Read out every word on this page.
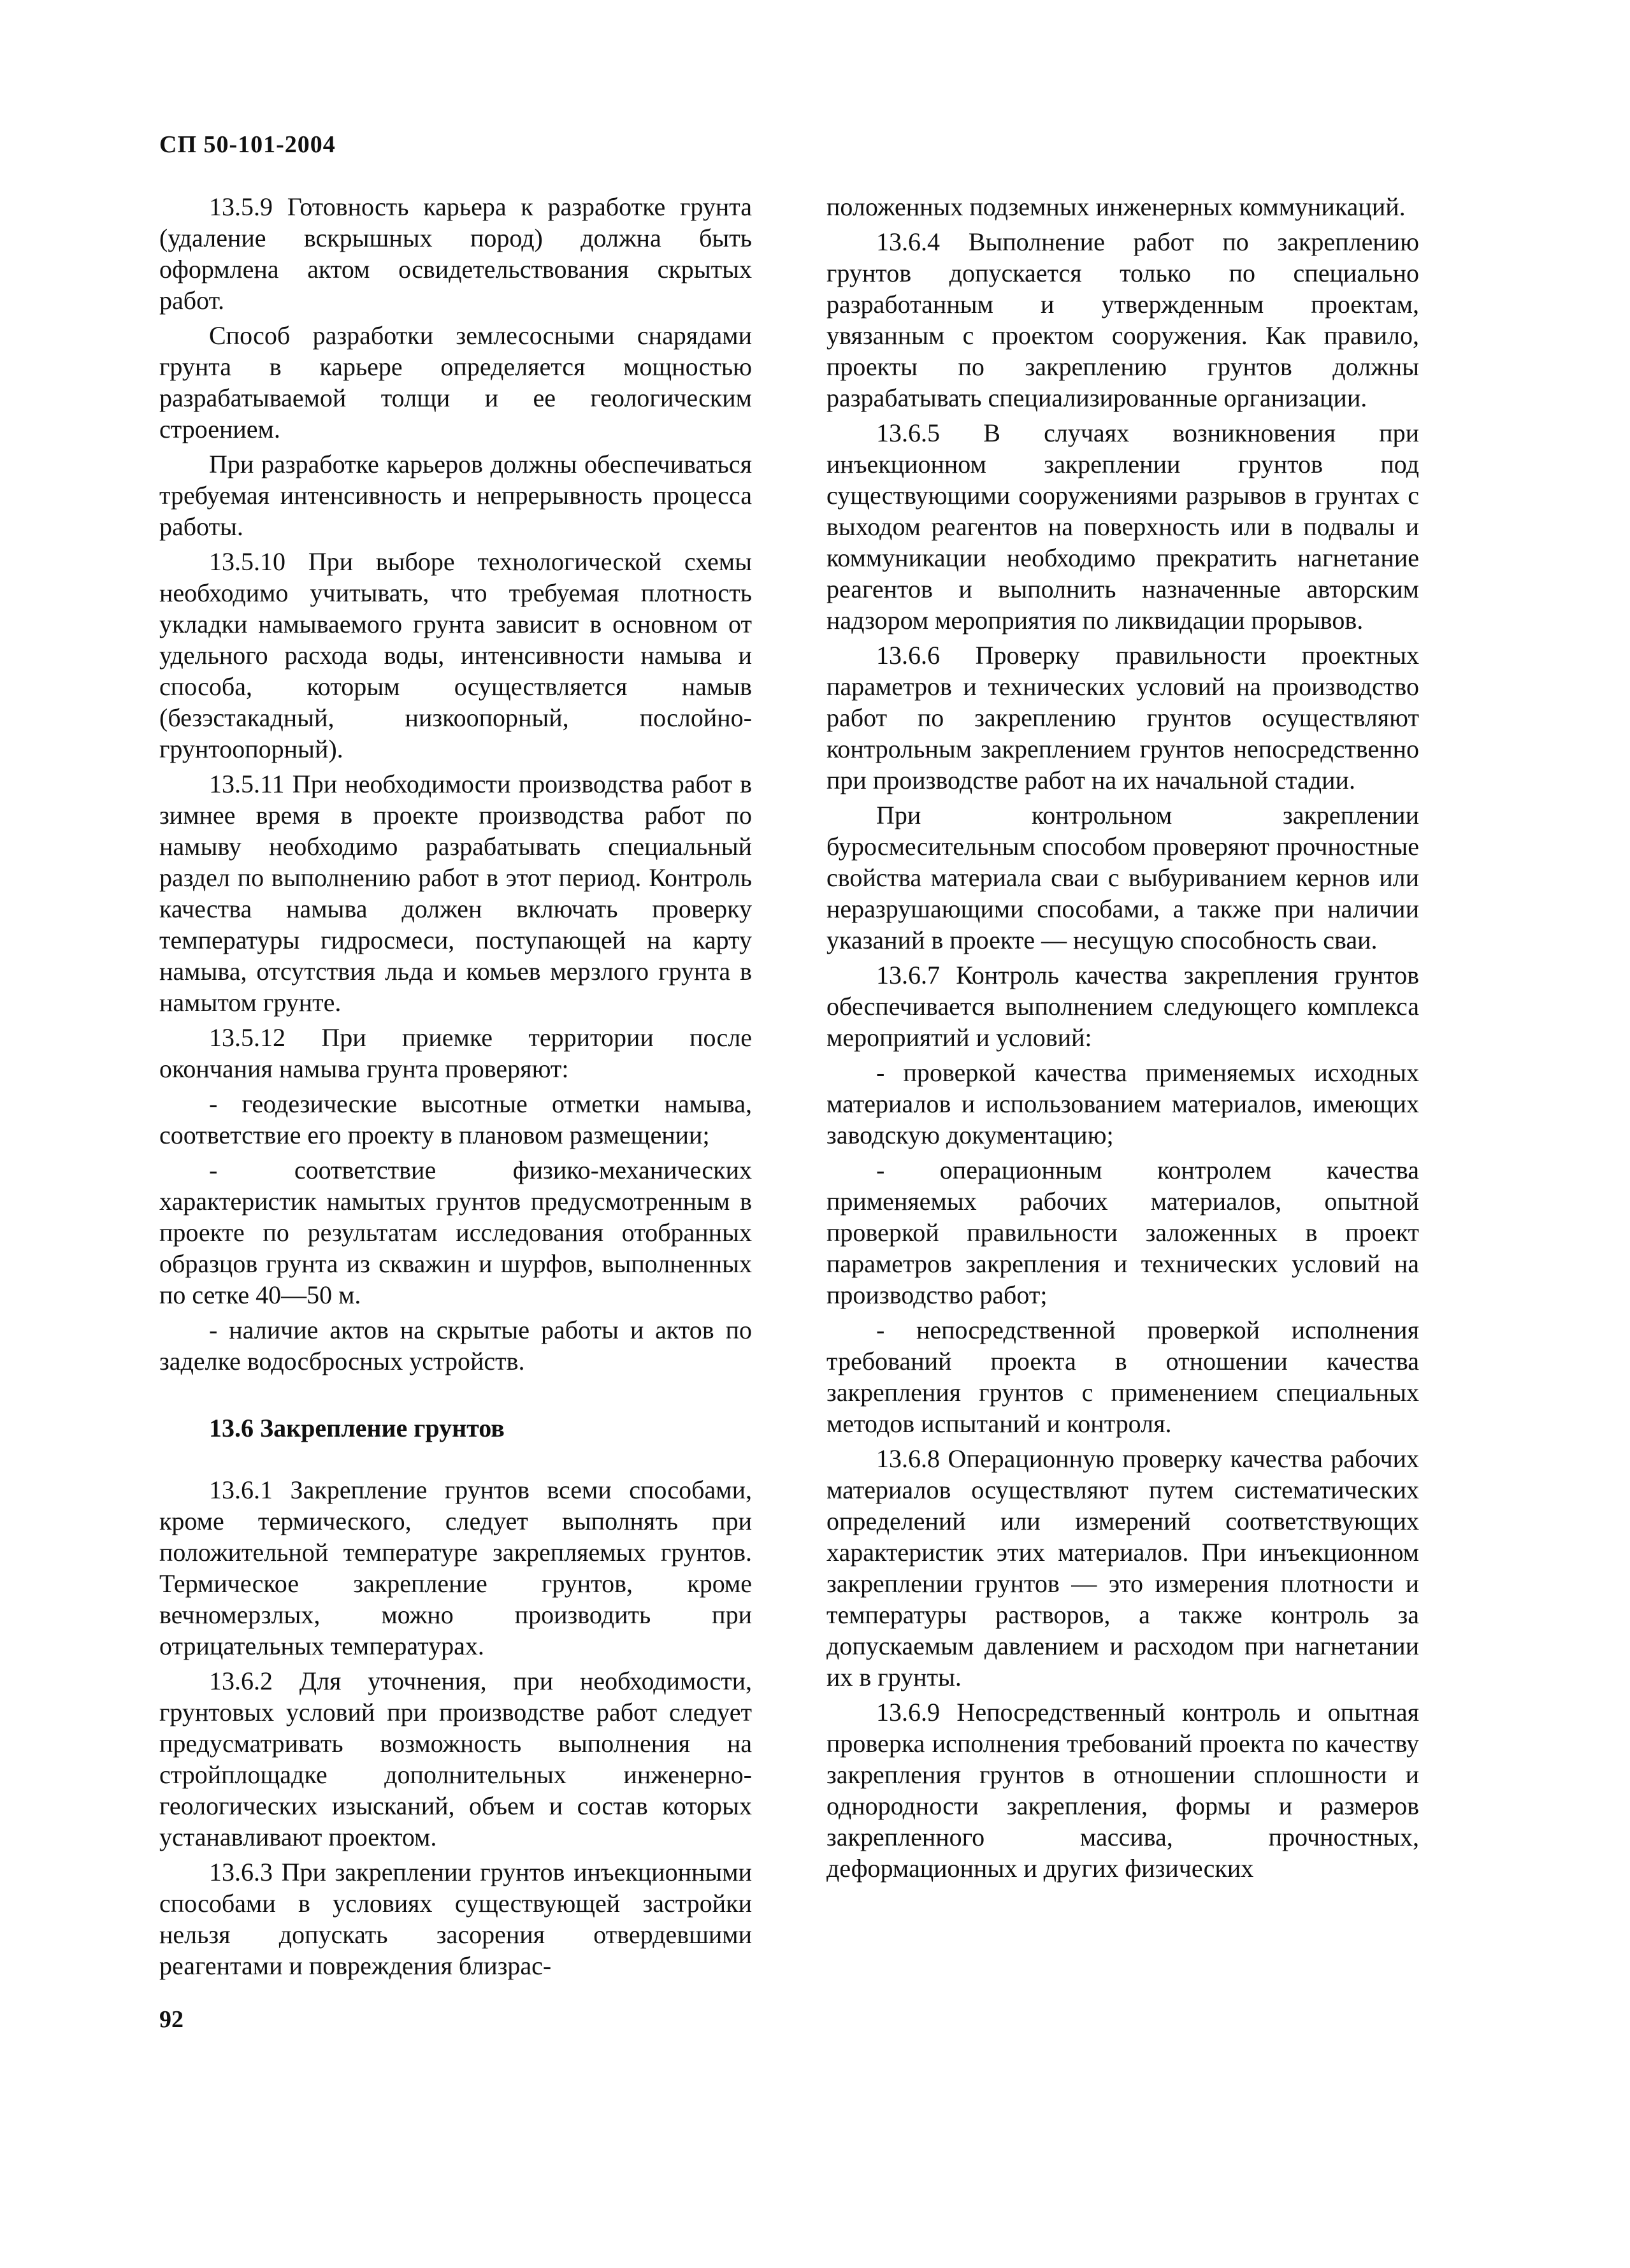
СП 50-101-2004

13.5.9 Готовность карьера к разработке грунта (удаление вскрышных пород) должна быть оформлена актом освидетельствования скрытых работ.

Способ разработки землесосными снарядами грунта в карьере определяется мощностью разрабатываемой толщи и ее геологическим строением.

При разработке карьеров должны обеспечиваться требуемая интенсивность и непрерывность процесса работы.

13.5.10 При выборе технологической схемы необходимо учитывать, что требуемая плотность укладки намываемого грунта зависит в основном от удельного расхода воды, интенсивности намыва и способа, которым осуществляется намыв (безэстакадный, низкоопорный, послойно-грунтоопорный).

13.5.11 При необходимости производства работ в зимнее время в проекте производства работ по намыву необходимо разрабатывать специальный раздел по выполнению работ в этот период. Контроль качества намыва должен включать проверку температуры гидросмеси, поступающей на карту намыва, отсутствия льда и комьев мерзлого грунта в намытом грунте.

13.5.12 При приемке территории после окончания намыва грунта проверяют:

- геодезические высотные отметки намыва, соответствие его проекту в плановом размещении;

- соответствие физико-механических характеристик намытых грунтов предусмотренным в проекте по результатам исследования отобранных образцов грунта из скважин и шурфов, выполненных по сетке 40—50 м.

- наличие актов на скрытые работы и актов по заделке водосбросных устройств.

13.6 Закрепление грунтов

13.6.1 Закрепление грунтов всеми способами, кроме термического, следует выполнять при положительной температуре закрепляемых грунтов. Термическое закрепление грунтов, кроме вечномерзлых, можно производить при отрицательных температурах.

13.6.2 Для уточнения, при необходимости, грунтовых условий при производстве работ следует предусматривать возможность выполнения на стройплощадке дополнительных инженерно-геологических изысканий, объем и состав которых устанавливают проектом.

13.6.3 При закреплении грунтов инъекционными способами в условиях существующей застройки нельзя допускать засорения отвердевшими реагентами и повреждения близрас-

положенных подземных инженерных коммуникаций.

13.6.4 Выполнение работ по закреплению грунтов допускается только по специально разработанным и утвержденным проектам, увязанным с проектом сооружения. Как правило, проекты по закреплению грунтов должны разрабатывать специализированные организации.

13.6.5 В случаях возникновения при инъекционном закреплении грунтов под существующими сооружениями разрывов в грунтах с выходом реагентов на поверхность или в подвалы и коммуникации необходимо прекратить нагнетание реагентов и выполнить назначенные авторским надзором мероприятия по ликвидации прорывов.

13.6.6 Проверку правильности проектных параметров и технических условий на производство работ по закреплению грунтов осуществляют контрольным закреплением грунтов непосредственно при производстве работ на их начальной стадии.

При контрольном закреплении буросмесительным способом проверяют прочностные свойства материала сваи с выбуриванием кернов или неразрушающими способами, а также при наличии указаний в проекте — несущую способность сваи.

13.6.7 Контроль качества закрепления грунтов обеспечивается выполнением следующего комплекса мероприятий и условий:

- проверкой качества применяемых исходных материалов и использованием материалов, имеющих заводскую документацию;

- операционным контролем качества применяемых рабочих материалов, опытной проверкой правильности заложенных в проект параметров закрепления и технических условий на производство работ;

- непосредственной проверкой исполнения требований проекта в отношении качества закрепления грунтов с применением специальных методов испытаний и контроля.

13.6.8 Операционную проверку качества рабочих материалов осуществляют путем систематических определений или измерений соответствующих характеристик этих материалов. При инъекционном закреплении грунтов — это измерения плотности и температуры растворов, а также контроль за допускаемым давлением и расходом при нагнетании их в грунты.

13.6.9 Непосредственный контроль и опытная проверка исполнения требований проекта по качеству закрепления грунтов в отношении сплошности и однородности закрепления, формы и размеров закрепленного массива, прочностных, деформационных и других физических

92
